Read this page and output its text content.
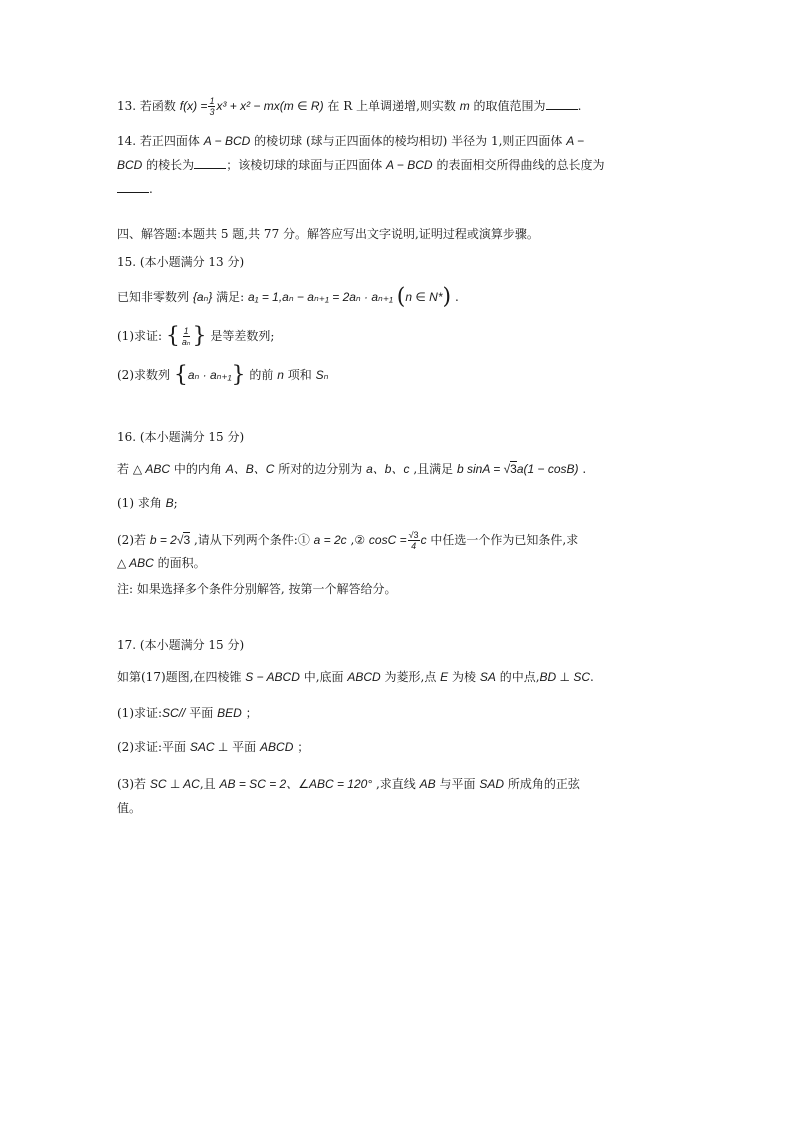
13. 若函数 $f(x) = \frac{1}{3} x^3 + x^2 - mx(m$ ∈ R) 在 R 上单调递增,则实数 m 的取值范围为	.
14. 若正四面体 A − BCD 的棱切球 (球与正四面体的棱均相切) 半径为 1,则正四面体 A −
BCD 的棱长为	；该棱切球的球面与正四面体 A − BCD 的表面相交所得曲线的总长度为
.
四、解答题:本题共 5 题,共 77 分。解答应写出文字说明,证明过程或演算步骤。
15. (本小题满分 13 分)
已知非零数列 {aₙ} 满足: a₁ = 1,aₙ − aₙ₊₁ = 2aₙ · aₙ₊₁ (n ∈ N*) .
(1)求证: { $\frac{1}{\text{aₙ}}$ } 是等差数列;
(2)求数列 {aₙ · aₙ₊₁} 的前 n 项和 Sₙ
16. (本小题满分 15 分)
若 △ ABC 中的内角 A、B、C 所对的边分别为 a、b、c ,且满足 b sinA = √3a(1 − cosB) .
(1) 求角 B;
(2)若 b = 2√3 ,请从下列两个条件:① a = 2c ,② $\cos C = \frac{√3}{4}$ c 中任选一个作为已知条件,求
△ ABC 的面积。
注: 如果选择多个条件分别解答, 按第一个解答给分。
17. (本小题满分 15 分)
如第(17)题图,在四棱锥 S − ABCD 中,底面 ABCD 为菱形,点 E 为棱 SA 的中点,BD ⊥ SC.
(1)求证:SC// 平面 BED ；
(2)求证:平面 SAC ⊥ 平面 ABCD ；
(3)若 SC ⊥ AC,且 AB = SC = 2、∠ABC = 120° ,求直线 AB 与平面 SAD 所成角的正弦
值。
